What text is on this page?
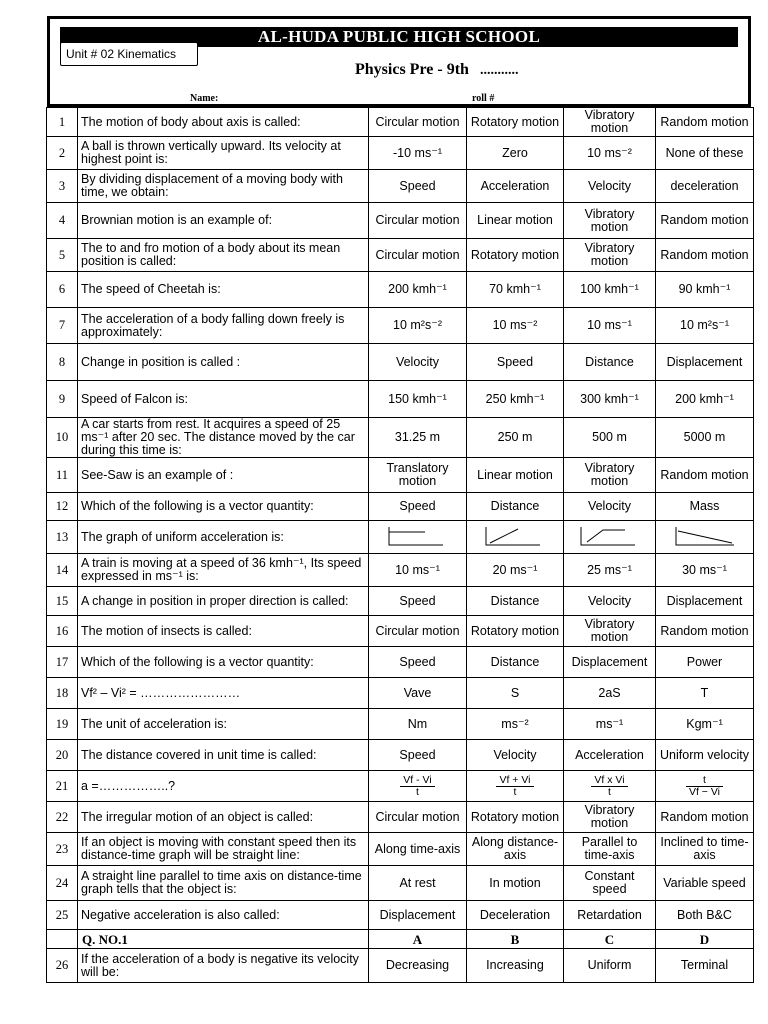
AL-HUDA PUBLIC HIGH SCHOOL
Unit # 02 Kinematics
Physics Pre - 9th ...........
Name:	roll #
1	The motion of body about axis is called:	Circular motion	Rotatory motion	Vibratory motion	Random motion
2	A ball is thrown vertically upward. Its velocity at highest point is:	-10 ms⁻¹	Zero	10 ms⁻²	None of these
3	By dividing displacement of a moving body with time, we obtain:	Speed	Acceleration	Velocity	deceleration
4	Brownian motion is an example of:	Circular motion	Linear motion	Vibratory motion	Random motion
5	The to and fro motion of a body about its mean position is called:	Circular motion	Rotatory motion	Vibratory motion	Random motion
6	The speed of Cheetah is:	200 kmh⁻¹	70 kmh⁻¹	100 kmh⁻¹	90 kmh⁻¹
7	The acceleration of a body falling down freely is approximately:	10 m²s⁻²	10 ms⁻²	10 ms⁻¹	10 m²s⁻¹
8	Change in position is called :	Velocity	Speed	Distance	Displacement
9	Speed of Falcon is:	150 kmh⁻¹	250 kmh⁻¹	300 kmh⁻¹	200 kmh⁻¹
10	A car starts from rest. It acquires a speed of 25 ms⁻¹ after 20 sec. The distance moved by the car during this time is:	31.25 m	250 m	500 m	5000 m
11	See-Saw is an example of :	Translatory motion	Linear motion	Vibratory motion	Random motion
12	Which of the following is a vector quantity:	Speed	Distance	Velocity	Mass
13	The graph of uniform acceleration is:	

14	A train is moving at a speed of 36 kmh⁻¹, Its speed expressed in ms⁻¹ is:	10 ms⁻¹	20 ms⁻¹	25 ms⁻¹	30 ms⁻¹
15	A change in position in proper direction is called:	Speed	Distance	Velocity	Displacement
16	The motion of insects is called:	Circular motion	Rotatory motion	Vibratory motion	Random motion
17	Which of the following is a vector quantity:	Speed	Distance	Displacement	Power
18	Vf² – Vi² = ……………………	Vave	S	2aS	T
19	The unit of acceleration is:	Nm	ms⁻²	ms⁻¹	Kgm⁻¹
20	The distance covered in unit time is called:	Speed	Velocity	Acceleration	Uniform velocity
21	a =……………..?	$\frac{Vf - Vi}{t}$	$\frac{Vf + Vi}{t}$	$\frac{\text{Vf x Vi}}{t}$	$\frac{t}{Vf - Vi}$

22	The irregular motion of an object is called:	Circular motion	Rotatory motion	Vibratory motion	Random motion
23	If an object is moving with constant speed then its distance-time graph will be straight line:	Along time-axis	Along distance-axis	Parallel to time-axis	Inclined to time-axis
24	A straight line parallel to time axis on distance-time graph tells that the object is:	At rest	In motion	Constant speed	Variable speed
25	Negative acceleration is also called:	Displacement	Deceleration	Retardation	Both B&C
	Q. NO.1	A	B	C	D
26	If the acceleration of a body is negative its velocity will be:	Decreasing	Increasing	Uniform	Terminal
